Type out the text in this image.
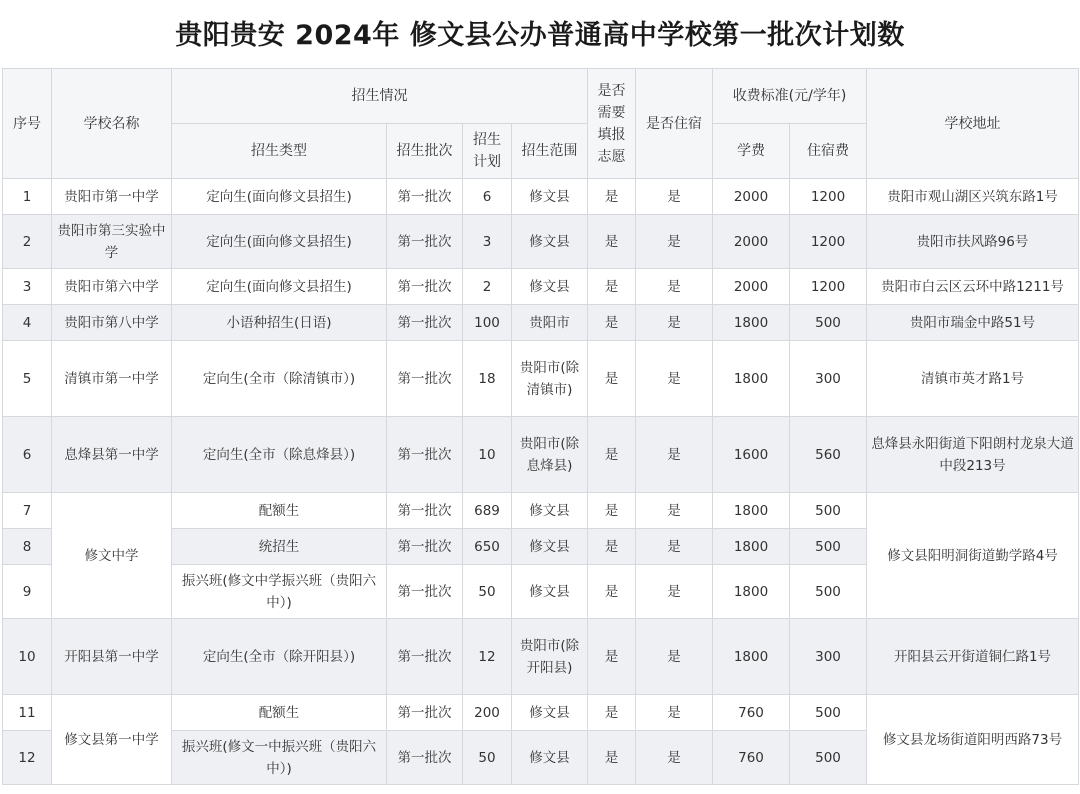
贵阳贵安 2024年 修文县公办普通高中学校第一批次计划数
序号	学校名称	招生情况				是否需要填报志愿	是否住宿	收费标准(元/学年)		学校地址
		招生类型	招生批次	招生计划	招生范围			学费	住宿费	
1	贵阳市第一中学	定向生(面向修文县招生)	第一批次	6	修文县	是	是	2000	1200	贵阳市观山湖区兴筑东路1号
2	贵阳市第三实验中学	定向生(面向修文县招生)	第一批次	3	修文县	是	是	2000	1200	贵阳市扶风路96号
3	贵阳市第六中学	定向生(面向修文县招生)	第一批次	2	修文县	是	是	2000	1200	贵阳市白云区云环中路1211号
4	贵阳市第八中学	小语种招生(日语)	第一批次	100	贵阳市	是	是	1800	500	贵阳市瑞金中路51号
5	清镇市第一中学	定向生(全市（除清镇市）)	第一批次	18	贵阳市(除清镇市)	是	是	1800	300	清镇市英才路1号
6	息烽县第一中学	定向生(全市（除息烽县）)	第一批次	10	贵阳市(除息烽县)	是	是	1600	560	息烽县永阳街道下阳朗村龙泉大道中段213号
7	修文中学	配额生	第一批次	689	修文县	是	是	1800	500	修文县阳明洞街道勤学路4号
8		统招生	第一批次	650	修文县	是	是	1800	500	
9		振兴班(修文中学振兴班（贵阳六中）)	第一批次	50	修文县	是	是	1800	500	
10	开阳县第一中学	定向生(全市（除开阳县）)	第一批次	12	贵阳市(除开阳县)	是	是	1800	300	开阳县云开街道铜仁路1号
11	修文县第一中学	配额生	第一批次	200	修文县	是	是	760	500	修文县龙场街道阳明西路73号
12		振兴班(修文一中振兴班（贵阳六中）)	第一批次	50	修文县	是	是	760	500	
